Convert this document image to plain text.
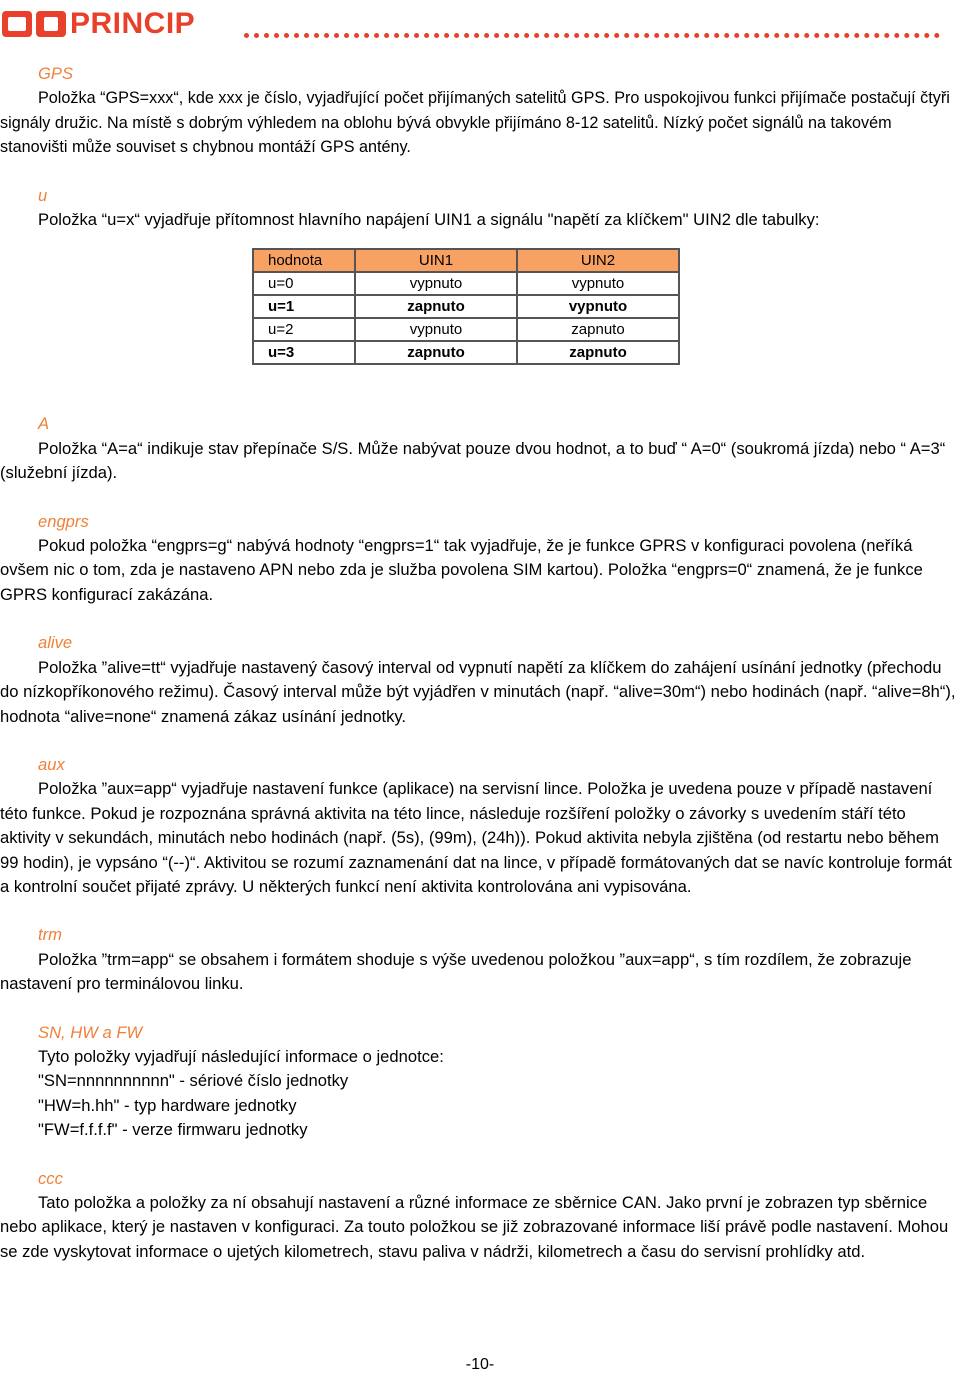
PRINCIP
GPS

Položka “GPS=xxx“, kde xxx je číslo, vyjadřující počet přijímaných satelitů GPS. Pro uspokojivou funkci přijímače postačují čtyři signály družic. Na místě s dobrým výhledem na oblohu bývá obvykle přijímáno 8-12 satelitů. Nízký počet signálů na takovém stanovišti může souviset s chybnou montáží GPS antény.

u

Položka “u=x“ vyjadřuje přítomnost hlavního napájení UIN1 a signálu "napětí za klíčkem" UIN2 dle tabulky:

hodnota	UIN1	UIN2
u=0	vypnuto	vypnuto
u=1	zapnuto	vypnuto
u=2	vypnuto	zapnuto
u=3	zapnuto	zapnuto
A

Položka “A=a“ indikuje stav přepínače S/S. Může nabývat pouze dvou hodnot, a to buď “ A=0“ (soukromá jízda) nebo “ A=3“ (služební jízda).

engprs

Pokud položka “engprs=g“ nabývá hodnoty “engprs=1“ tak vyjadřuje, že je funkce GPRS v konfiguraci povolena (neříká ovšem nic o tom, zda je nastaveno APN nebo zda je služba povolena SIM kartou). Položka “engprs=0“ znamená, že je funkce GPRS konfigurací zakázána.

alive

Položka ”alive=tt“ vyjadřuje nastavený časový interval od vypnutí napětí za klíčkem do zahájení usínání jednotky (přechodu do nízkopříkonového režimu). Časový interval může být vyjádřen v minutách (např. “alive=30m“) nebo hodinách (např. “alive=8h“), hodnota “alive=none“ znamená zákaz usínání jednotky.

aux

Položka ”aux=app“ vyjadřuje nastavení funkce (aplikace) na servisní lince. Položka je uvedena pouze v případě nastavení této funkce. Pokud je rozpoznána správná aktivita na této lince, následuje rozšíření položky o závorky s uvedením stáří této aktivity v sekundách, minutách nebo hodinách (např. (5s), (99m), (24h)). Pokud aktivita nebyla zjištěna (od restartu nebo během 99 hodin), je vypsáno “(--)“. Aktivitou se rozumí zaznamenání dat na lince, v případě formátovaných dat se navíc kontroluje formát a kontrolní součet přijaté zprávy. U některých funkcí není aktivita kontrolována ani vypisována.

trm

Položka ”trm=app“ se obsahem i formátem shoduje s výše uvedenou položkou ”aux=app“, s tím rozdílem, že zobrazuje nastavení pro terminálovou linku.

SN, HW a FW

Tyto položky vyjadřují následující informace o jednotce:

"SN=nnnnnnnnnn" - sériové číslo jednotky

"HW=h.hh" - typ hardware jednotky

"FW=f.f.f.f" - verze firmwaru jednotky

ccc

Tato položka a položky za ní obsahují nastavení a různé informace ze sběrnice CAN. Jako první je zobrazen typ sběrnice nebo aplikace, který je nastaven v konfiguraci. Za touto položkou se již zobrazované informace liší právě podle nastavení. Mohou se zde vyskytovat informace o ujetých kilometrech, stavu paliva v nádrži, kilometrech a času do servisní prohlídky atd.

-10-
